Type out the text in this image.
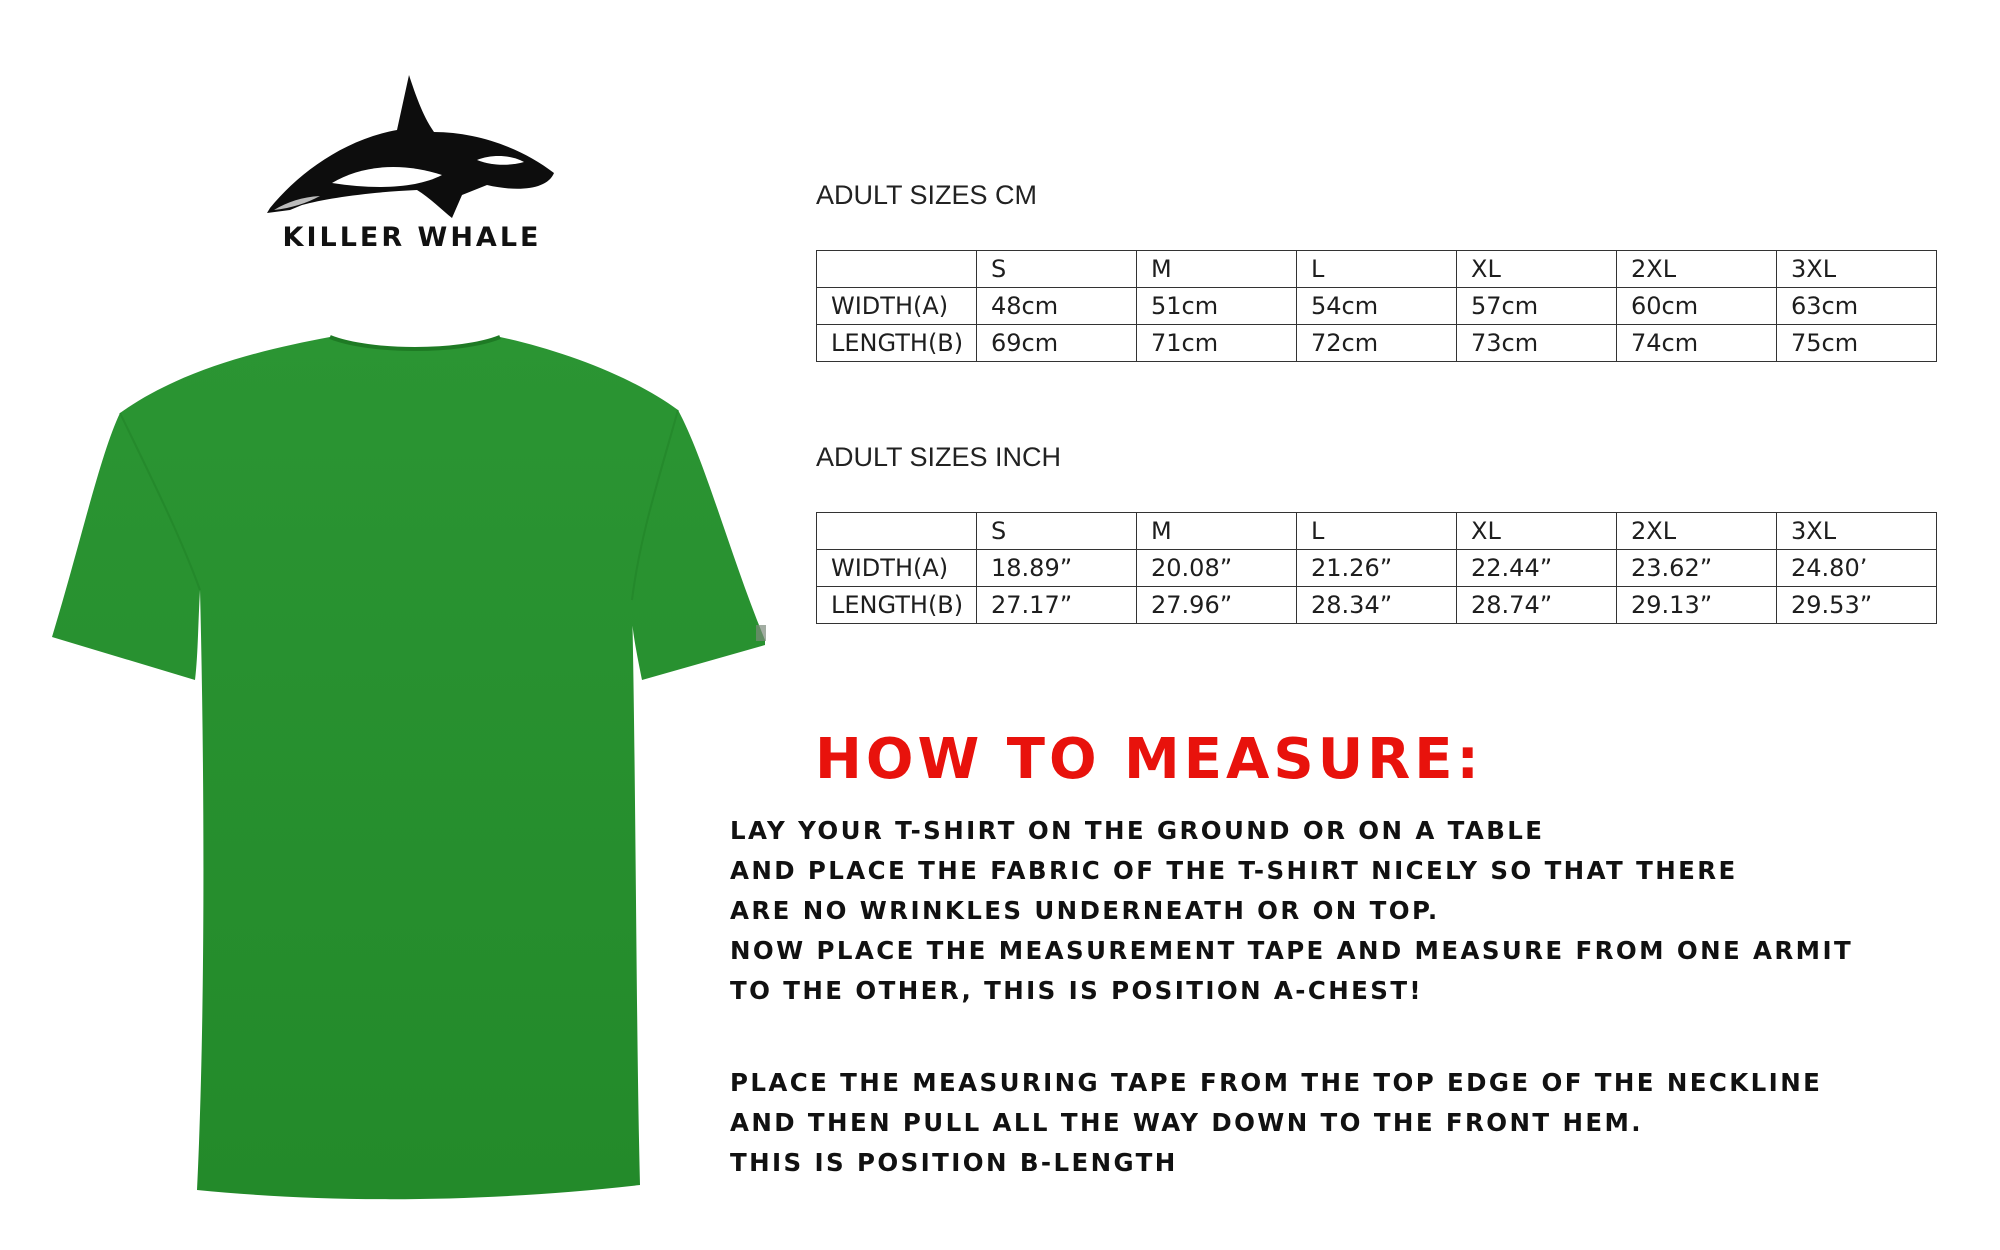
KILLER WHALE
ADULT SIZES CM
	S	M	L	XL	2XL	3XL
WIDTH(A)	48cm	51cm	54cm	57cm	60cm	63cm
LENGTH(B)	69cm	71cm	72cm	73cm	74cm	75cm
ADULT SIZES INCH
	S	M	L	XL	2XL	3XL
WIDTH(A)	18.89”	20.08”	21.26”	22.44”	23.62”	24.80’
LENGTH(B)	27.17”	27.96”	28.34”	28.74”	29.13”	29.53”
HOW TO MEASURE:
LAY YOUR T-SHIRT ON THE GROUND OR ON A TABLE
AND PLACE THE FABRIC OF THE T-SHIRT NICELY SO THAT THERE
ARE NO WRINKLES UNDERNEATH OR ON TOP.
NOW PLACE THE MEASUREMENT TAPE AND MEASURE FROM ONE ARMIT
TO THE OTHER, THIS IS POSITION A-CHEST!
PLACE THE MEASURING TAPE FROM THE TOP EDGE OF THE NECKLINE
AND THEN PULL ALL THE WAY DOWN TO THE FRONT HEM.
THIS IS POSITION B-LENGTH
